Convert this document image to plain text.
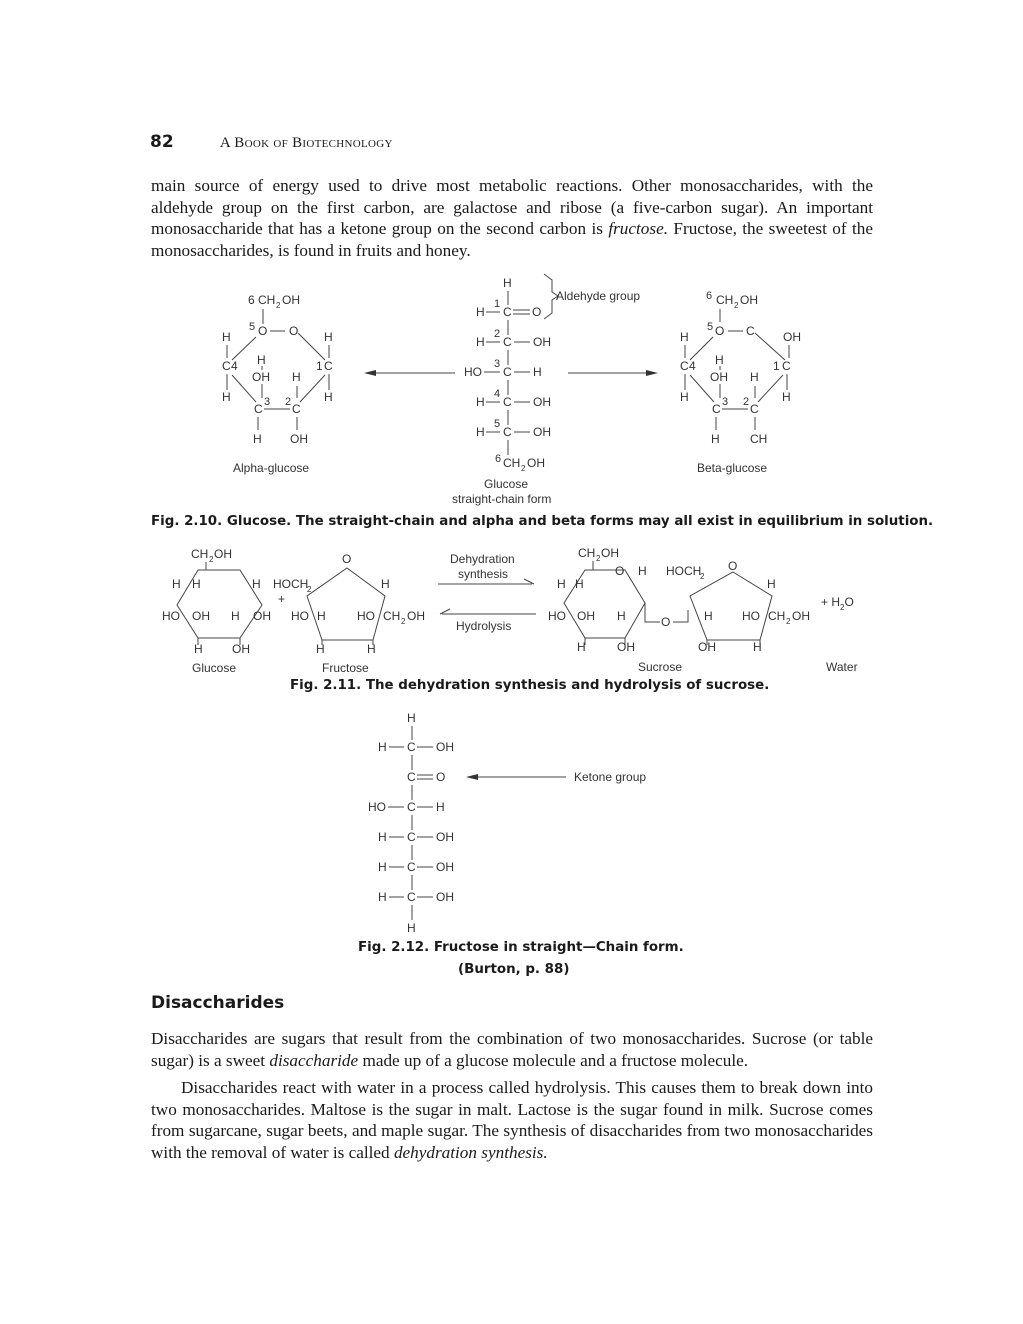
82	A Book of Biotechnology

main source of energy used to drive most metabolic reactions. Other monosaccharides, with the aldehyde group on the first carbon, are galactose and ribose (a five-carbon sugar). An important monosaccharide that has a ketone group on the second carbon is fructose. Fructose, the sweetest of the monosaccharides, is found in fruits and honey.

6 CH 2 OH
5 O O
H	H
C 4	1 C
H
OH H
H	H
3 2
C C
H OH
Alpha-glucose
H
H
1
C O
Aldehyde group
H
2
C OH
HO
3
C H
H
4
C OH
H
5
C OH
6 CH 2 OH
Glucose
straight-chain form
6 CH 2 OH
5 O C
H	OH
C 4	1 C
H
OH H
H	H
3 2
C C
H	CH
Beta-glucose

Fig. 2.10. Glucose. The straight-chain and alpha and beta forms may all exist in equilibrium in solution.

CH 2 OH
H H	H
HO OH H OH
H OH
Glucose
+
O
HOCH
2	H
HO H	HO CH 2 OH
H	H
Fructose
Dehydration
synthesis
Hydrolysis
CH 2 OH
O H
H H
HO OH H	O
H	OH
HOCH
2
O
H
H HO CH 2 OH
OH	H
Sucrose
+ $H_2O$
Water

Fig. 2.11. The dehydration synthesis and hydrolysis of sucrose.

H
H C OH
C O	Ketone group
HO C H
H C OH
H C OH
H C OH
H

Fig. 2.12. Fructose in straight—Chain form.

(Burton, p. 88)

Disaccharides

Disaccharides are sugars that result from the combination of two monosaccharides. Sucrose (or table sugar) is a sweet disaccharide made up of a glucose molecule and a fructose molecule.

Disaccharides react with water in a process called hydrolysis. This causes them to break down into two monosaccharides. Maltose is the sugar in malt. Lactose is the sugar found in milk. Sucrose comes from sugarcane, sugar beets, and maple sugar. The synthesis of disaccharides from two monosaccharides with the removal of water is called dehydration synthesis.
